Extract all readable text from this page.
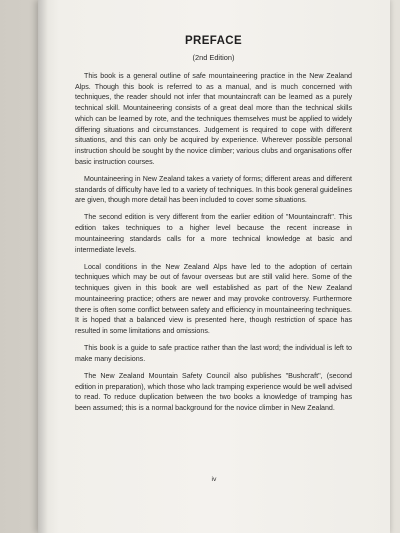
PREFACE
(2nd Edition)

This book is a general outline of safe mountaineering practice in the New Zealand Alps. Though this book is referred to as a manual, and is much concerned with techniques, the reader should not infer that mountaincraft can be learned as a purely technical skill. Mountaineering consists of a great deal more than the technical skills which can be learned by rote, and the techniques themselves must be applied to widely differing situations and circumstances. Judgement is required to cope with different situations, and this can only be acquired by experience. Wherever possible personal instruction should be sought by the novice climber; various clubs and organisations offer basic instruction courses.

Mountaineering in New Zealand takes a variety of forms; different areas and different standards of difficulty have led to a variety of techniques. In this book general guidelines are given, though more detail has been included to cover some situations.

The second edition is very different from the earlier edition of "Mountaincraft". This edition takes techniques to a higher level because the recent increase in mountaineering standards calls for a more technical knowledge at basic and intermediate levels.

Local conditions in the New Zealand Alps have led to the adoption of certain techniques which may be out of favour overseas but are still valid here. Some of the techniques given in this book are well established as part of the New Zealand mountaineering practice; others are newer and may provoke controversy. Furthermore there is often some conflict between safety and efficiency in mountaineering techniques. It is hoped that a balanced view is presented here, though restriction of space has resulted in some limitations and omissions.

This book is a guide to safe practice rather than the last word; the individual is left to make many decisions.

The New Zealand Mountain Safety Council also publishes "Bushcraft", (second edition in preparation), which those who lack tramping experience would be well advised to read. To reduce duplication between the two books a knowledge of tramping has been assumed; this is a normal background for the novice climber in New Zealand.

iv
